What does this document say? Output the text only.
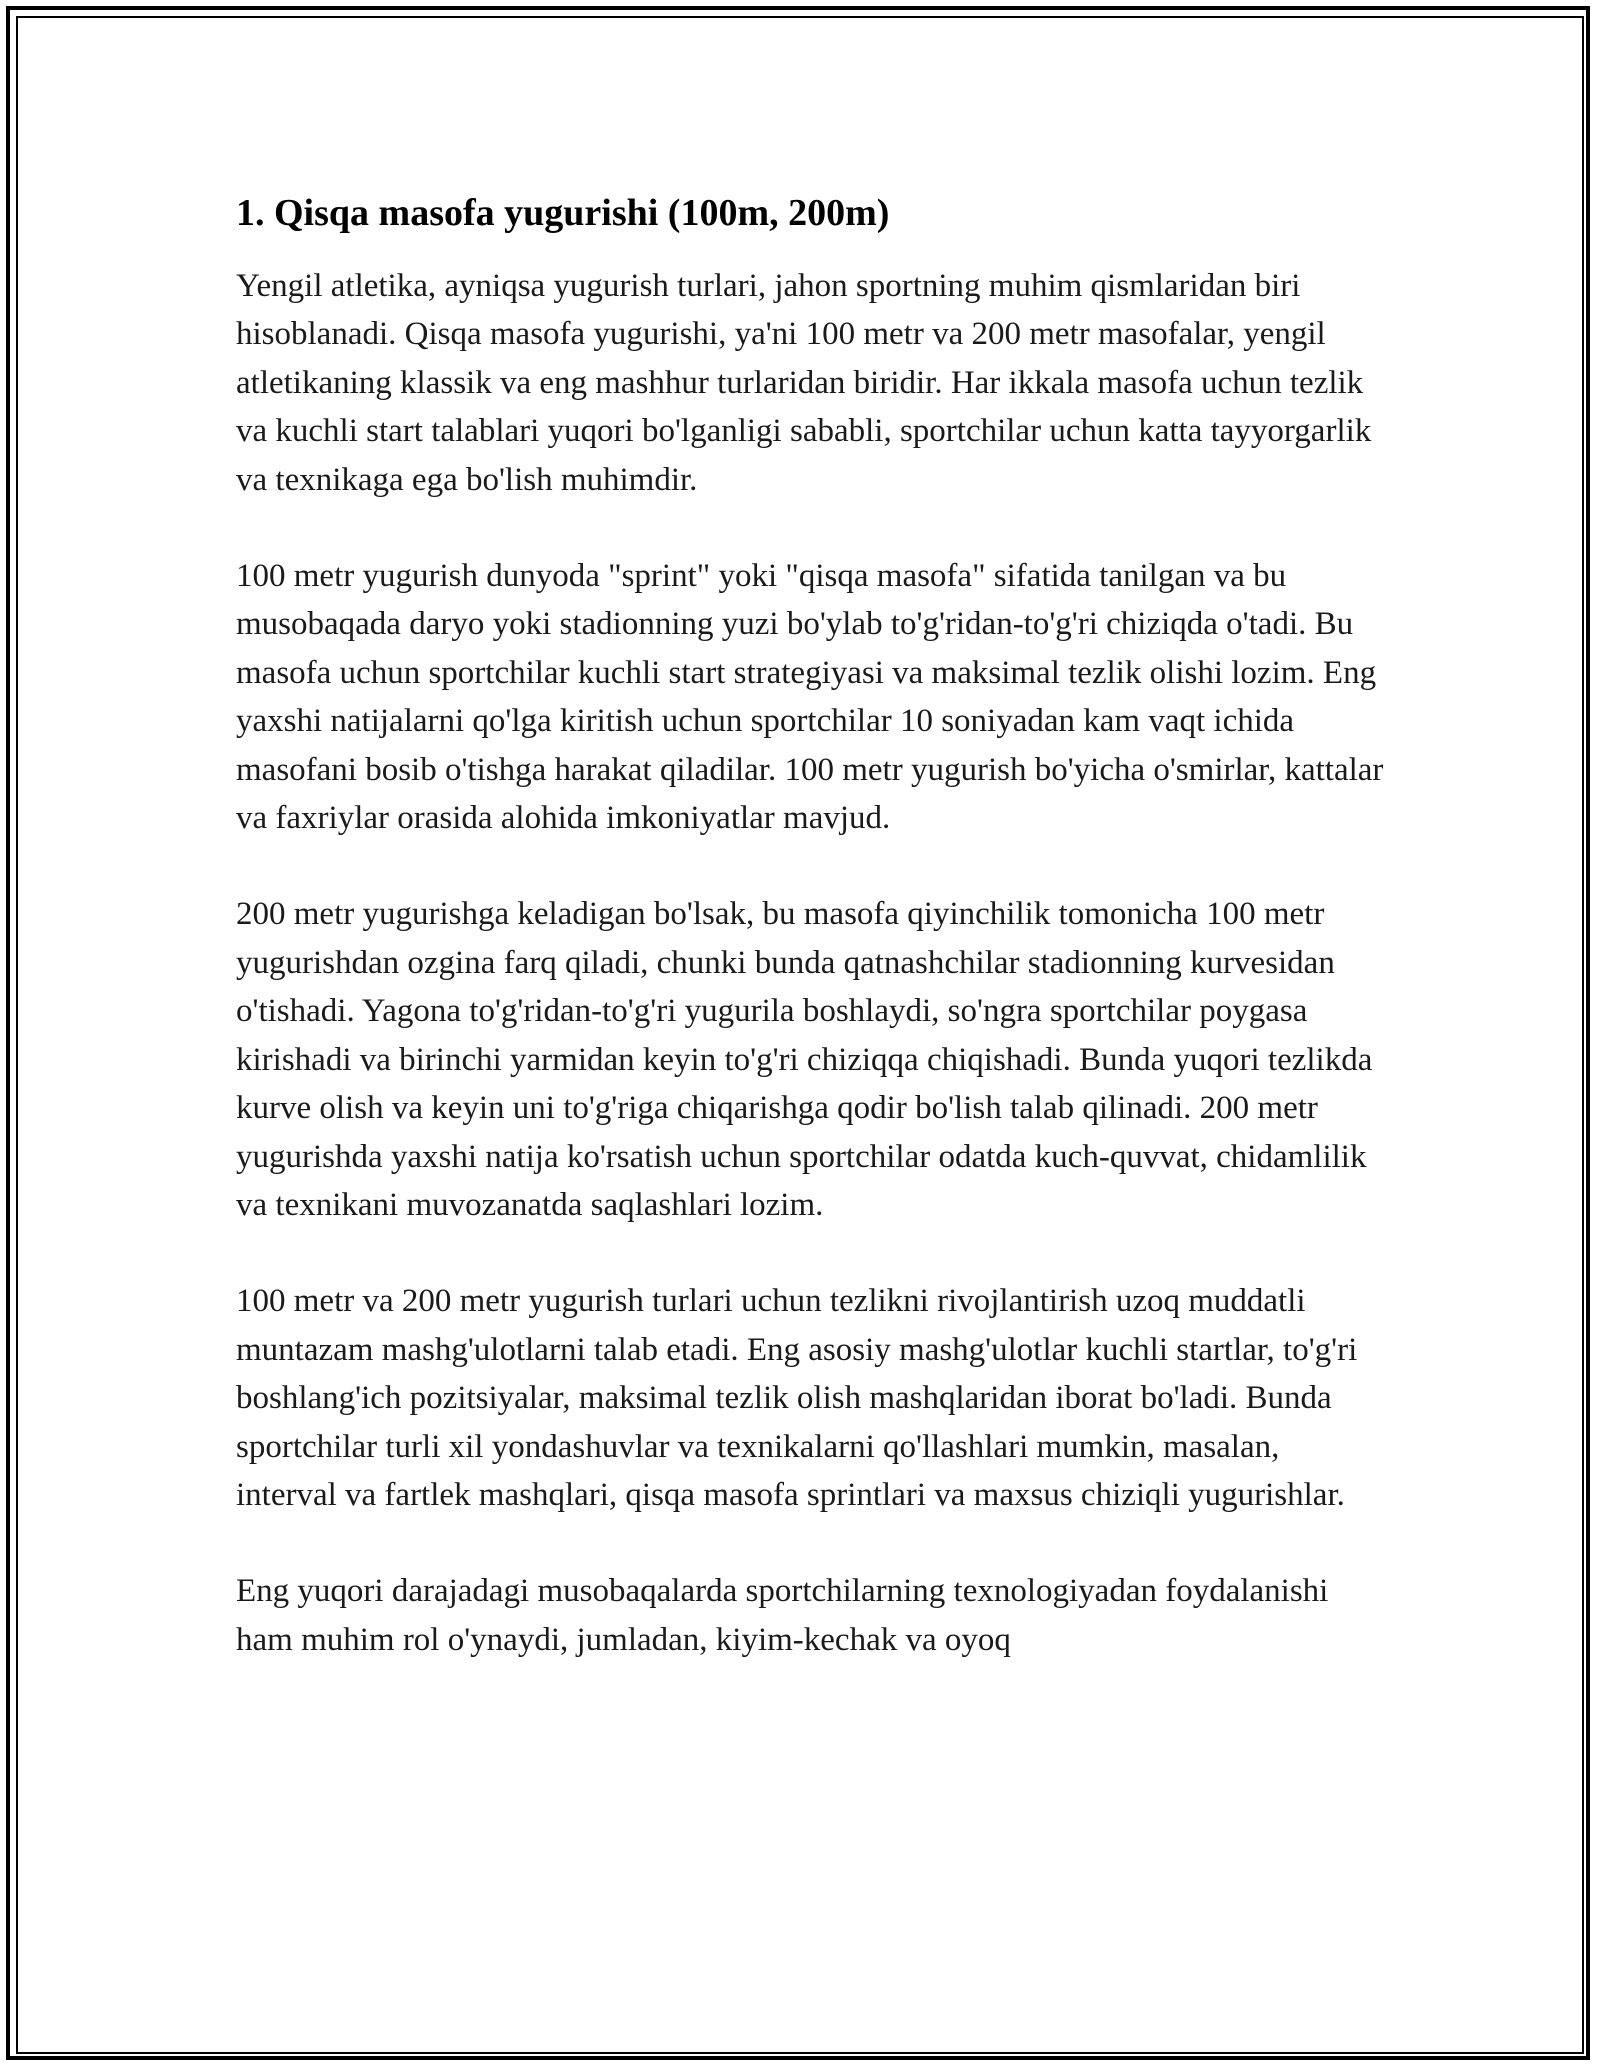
1. Qisqa masofa yugurishi (100m, 200m)

Yengil atletika, ayniqsa yugurish turlari, jahon sportning muhim qismlaridan biri hisoblanadi. Qisqa masofa yugurishi, ya'ni 100 metr va 200 metr masofalar, yengil atletikaning klassik va eng mashhur turlaridan biridir. Har ikkala masofa uchun tezlik va kuchli start talablari yuqori bo'lganligi sababli, sportchilar uchun katta tayyorgarlik va texnikaga ega bo'lish muhimdir.

100 metr yugurish dunyoda "sprint" yoki "qisqa masofa" sifatida tanilgan va bu musobaqada daryo yoki stadionning yuzi bo'ylab to'g'ridan-to'g'ri chiziqda o'tadi. Bu masofa uchun sportchilar kuchli start strategiyasi va maksimal tezlik olishi lozim. Eng yaxshi natijalarni qo'lga kiritish uchun sportchilar 10 soniyadan kam vaqt ichida masofani bosib o'tishga harakat qiladilar. 100 metr yugurish bo'yicha o'smirlar, kattalar va faxriylar orasida alohida imkoniyatlar mavjud.

200 metr yugurishga keladigan bo'lsak, bu masofa qiyinchilik tomonicha 100 metr yugurishdan ozgina farq qiladi, chunki bunda qatnashchilar stadionning kurvesidan o'tishadi. Yagona to'g'ridan-to'g'ri yugurila boshlaydi, so'ngra sportchilar poygasa kirishadi va birinchi yarmidan keyin to'g'ri chiziqqa chiqishadi. Bunda yuqori tezlikda kurve olish va keyin uni to'g'riga chiqarishga qodir bo'lish talab qilinadi. 200 metr yugurishda yaxshi natija ko'rsatish uchun sportchilar odatda kuch-quvvat, chidamlilik va texnikani muvozanatda saqlashlari lozim.

100 metr va 200 metr yugurish turlari uchun tezlikni rivojlantirish uzoq muddatli muntazam mashg'ulotlarni talab etadi. Eng asosiy mashg'ulotlar kuchli startlar, to'g'ri boshlang'ich pozitsiyalar, maksimal tezlik olish mashqlaridan iborat bo'ladi. Bunda sportchilar turli xil yondashuvlar va texnikalarni qo'llashlari mumkin, masalan, interval va fartlek mashqlari, qisqa masofa sprintlari va maxsus chiziqli yugurishlar.

Eng yuqori darajadagi musobaqalarda sportchilarning texnologiyadan foydalanishi ham muhim rol o'ynaydi, jumladan, kiyim-kechak va oyoq
